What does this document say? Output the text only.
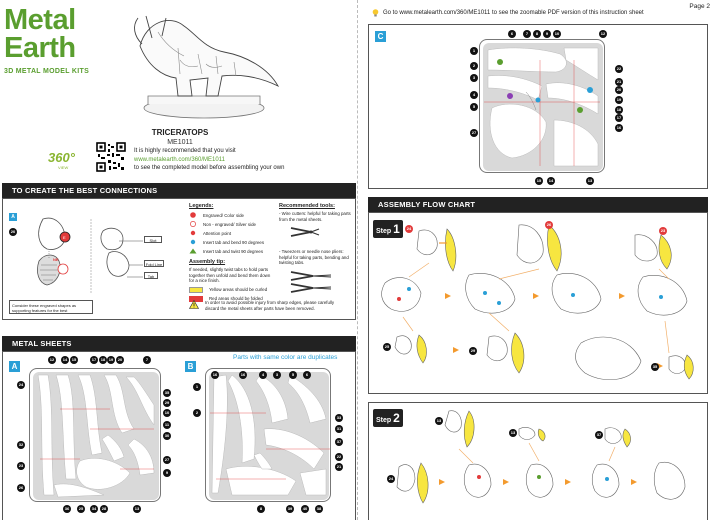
Metal
Earth
3D METAL MODEL KITS
TRICERATOPS
ME1011
360°
VIEW
It is highly recommended that you visit
www.metalearth.com/360/ME1011
to see the completed model before assembling your own
TO CREATE THE BEST CONNECTIONS
A
20
E
NE
Slot
Fold Line
Tab
Consider these engraved shapes as supporting features for the best
Legends:
Engraved/ Color side
Non - engraved/ Silver side
Attention point
Insert tab and bend 90 degrees
Insert tab and twist 90 degrees
Assembly tip:
If needed, slightly twist tabs to hold parts together then unfold and bend them down for a nice finish.
Yellow areas should be curled
Red areas should be folded
In order to avoid possible injury from sharp edges, please carefully discard the metal sheets after parts have been removed.
Recommended tools:
- Wire cutters: helpful for taking parts from the metal sheets.
- Tweezers or needle nose pliers: helpful for taking parts, bending and twisting tabs.
METAL SHEETS
Parts with same color are duplicates
A	B
12	14	15	17	18 19	20	7
24
32
23
26
35
29
10
11
30
27
9
36	25	34	28	13
16	16	4	3	5	6
1
2
33
31
37
22
21
8	39	40	38
Page 2
Go to www.metalearth.com/360/ME1011 to see the zoomable PDF version of this instruction sheet
C	6	7	8	9	10	12
1
2
3
4
5
27
22
21
20
19
18
17
16
15	14	13
ASSEMBLY FLOW CHART
Step 1	24
26
23
25
29
35
Step 2
24
13
13	37
